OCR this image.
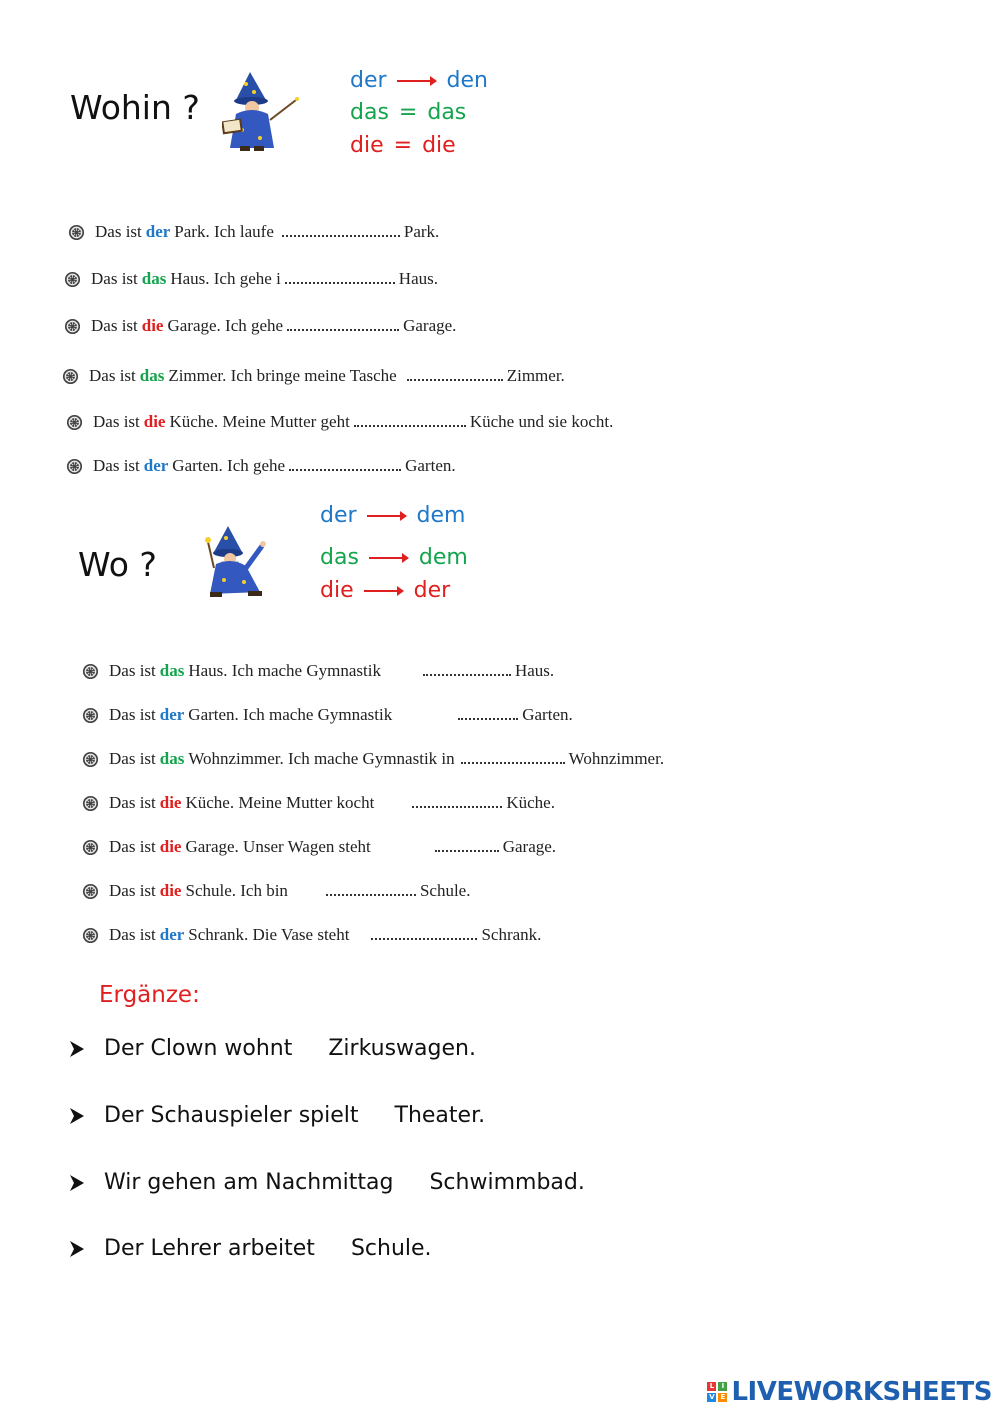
Wohin ?
der	den
das = das
die = die
Das ist der Park. Ich laufe	Park.
Das ist das Haus. Ich gehe i	Haus.
Das ist die Garage. Ich gehe	Garage.
Das ist das Zimmer. Ich bringe meine Tasche	Zimmer.
Das ist die Küche. Meine Mutter geht	Küche und sie kocht.
Das ist der Garten. Ich gehe	Garten.
Wo ?
der	dem
das	dem
die	der
Das ist das Haus. Ich mache Gymnastik	Haus.
Das ist der Garten. Ich mache Gymnastik	Garten.
Das ist das Wohnzimmer. Ich mache Gymnastik in	Wohnzimmer.
Das ist die Küche. Meine Mutter kocht	Küche.
Das ist die Garage. Unser Wagen steht	Garage.
Das ist die Schule. Ich bin	Schule.
Das ist der Schrank. Die Vase steht	Schrank.
Ergänze:
Der Clown wohnt Zirkuswagen.
Der Schauspieler spielt Theater.
Wir gehen am Nachmittag Schwimmbad.
Der Lehrer arbeitet Schule.
L	I
V E LIVEWORKSHEETS
